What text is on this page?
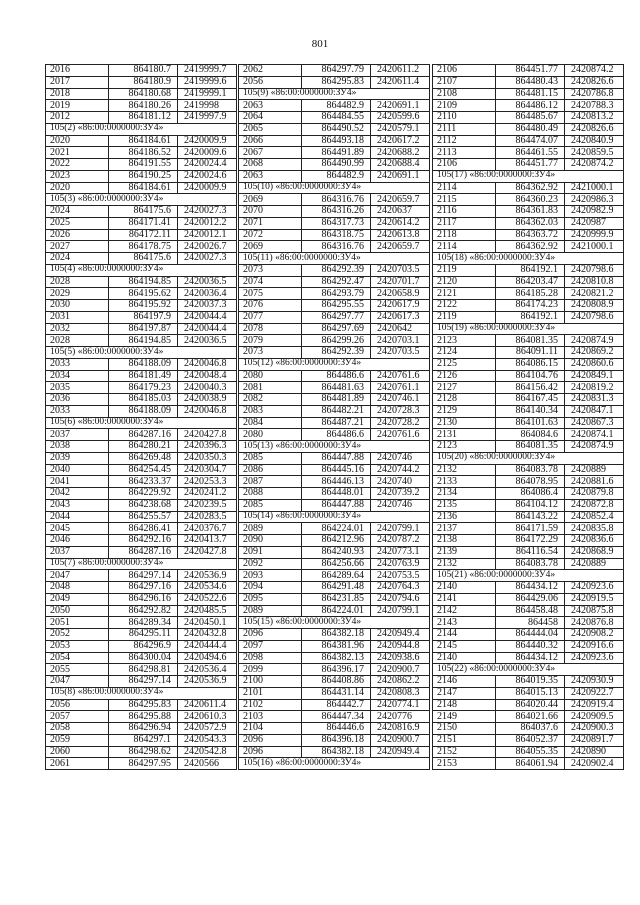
801
2016	864180.7	2419999.7
2017	864180.9	2419999.6
2018	864180.68	2419999.1
2019	864180.26	2419998
2012	864181.12	2419997.9
105(2) «86:00:0000000:ЗУ4»		
2020	864184.61	2420009.9
2021	864186.52	2420009.6
2022	864191.55	2420024.4
2023	864190.25	2420024.6
2020	864184.61	2420009.9
105(3) «86:00:0000000:ЗУ4»		
2024	864175.6	2420027.3
2025	864171.41	2420012.2
2026	864172.11	2420012.1
2027	864178.75	2420026.7
2024	864175.6	2420027.3
105(4) «86:00:0000000:ЗУ4»		
2028	864194.85	2420036.5
2029	864195.62	2420036.4
2030	864195.92	2420037.3
2031	864197.9	2420044.4
2032	864197.87	2420044.4
2028	864194.85	2420036.5
105(5) «86:00:0000000:ЗУ4»		
2033	864188.09	2420046.8
2034	864181.49	2420048.4
2035	864179.23	2420040.3
2036	864185.03	2420038.9
2033	864188.09	2420046.8
105(6) «86:00:0000000:ЗУ4»		
2037	864287.16	2420427.8
2038	864280.21	2420396.3
2039	864269.48	2420350.3
2040	864254.45	2420304.7
2041	864233.37	2420253.3
2042	864229.92	2420241.2
2043	864238.68	2420239.5
2044	864255.57	2420283.5
2045	864286.41	2420376.7
2046	864292.16	2420413.7
2037	864287.16	2420427.8
105(7) «86:00:0000000:ЗУ4»		
2047	864297.14	2420536.9
2048	864297.16	2420534.6
2049	864296.16	2420522.6
2050	864292.82	2420485.5
2051	864289.34	2420450.1
2052	864295.11	2420432.8
2053	864296.9	2420444.4
2054	864300.04	2420494.6
2055	864298.81	2420536.4
2047	864297.14	2420536.9
105(8) «86:00:0000000:ЗУ4»		
2056	864295.83	2420611.4
2057	864295.88	2420610.3
2058	864296.94	2420572.9
2059	864297.1	2420543.3
2060	864298.62	2420542.8
2061	864297.95	2420566
2062	864297.79	2420611.2
2056	864295.83	2420611.4
105(9) «86:00:0000000:ЗУ4»		
2063	864482.9	2420691.1
2064	864484.55	2420599.6
2065	864490.52	2420579.1
2066	864493.18	2420617.2
2067	864491.89	2420688.2
2068	864490.99	2420688.4
2063	864482.9	2420691.1
105(10) «86:00:0000000:ЗУ4»		
2069	864316.76	2420659.7
2070	864316.26	2420637
2071	864317.73	2420614.2
2072	864318.75	2420613.8
2069	864316.76	2420659.7
105(11) «86:00:0000000:ЗУ4»		
2073	864292.39	2420703.5
2074	864292.47	2420701.7
2075	864293.79	2420658.9
2076	864295.55	2420617.9
2077	864297.77	2420617.3
2078	864297.69	2420642
2079	864299.26	2420703.1
2073	864292.39	2420703.5
105(12) «86:00:0000000:ЗУ4»		
2080	864486.6	2420761.6
2081	864481.63	2420761.1
2082	864481.89	2420746.1
2083	864482.21	2420728.3
2084	864487.21	2420728.2
2080	864486.6	2420761.6
105(13) «86:00:0000000:ЗУ4»		
2085	864447.88	2420746
2086	864445.16	2420744.2
2087	864446.13	2420740
2088	864448.01	2420739.2
2085	864447.88	2420746
105(14) «86:00:0000000:ЗУ4»		
2089	864224.01	2420799.1
2090	864212.96	2420787.2
2091	864240.93	2420773.1
2092	864256.66	2420763.9
2093	864289.64	2420753.5
2094	864291.48	2420764.3
2095	864231.85	2420794.6
2089	864224.01	2420799.1
105(15) «86:00:0000000:ЗУ4»		
2096	864382.18	2420949.4
2097	864381.96	2420944.8
2098	864382.13	2420938.6
2099	864396.17	2420900.7
2100	864408.86	2420862.2
2101	864431.14	2420808.3
2102	864442.7	2420774.1
2103	864447.34	2420776
2104	864446.6	2420816.9
2096	864396.18	2420900.7
2096	864382.18	2420949.4
105(16) «86:00:0000000:ЗУ4»		
2106	864451.77	2420874.2
2107	864480.43	2420826.6
2108	864481.15	2420786.8
2109	864486.12	2420788.3
2110	864485.67	2420813.2
2111	864480.49	2420826.6
2112	864474.07	2420840.9
2113	864461.55	2420859.5
2106	864451.77	2420874.2
105(17) «86:00:0000000:ЗУ4»		
2114	864362.92	2421000.1
2115	864360.23	2420986.3
2116	864361.83	2420982.9
2117	864362.03	2420987
2118	864363.72	2420999.9
2114	864362.92	2421000.1
105(18) «86:00:0000000:ЗУ4»		
2119	864192.1	2420798.6
2120	864203.47	2420810.8
2121	864185.28	2420821.2
2122	864174.23	2420808.9
2119	864192.1	2420798.6
105(19) «86:00:0000000:ЗУ4»		
2123	864081.35	2420874.9
2124	864091.11	2420869.2
2125	864086.15	2420860.6
2126	864104.76	2420849.1
2127	864156.42	2420819.2
2128	864167.45	2420831.3
2129	864140.34	2420847.1
2130	864101.63	2420867.3
2131	864084.6	2420874.1
2123	864081.35	2420874.9
105(20) «86:00:0000000:ЗУ4»		
2132	864083.78	2420889
2133	864078.95	2420881.6
2134	864086.4	2420879.8
2135	864104.12	2420872.8
2136	864143.22	2420852.4
2137	864171.59	2420835.8
2138	864172.29	2420836.6
2139	864116.54	2420868.9
2132	864083.78	2420889
105(21) «86:00:0000000:ЗУ4»		
2140	864434.12	2420923.6
2141	864429.06	2420919.5
2142	864458.48	2420875.8
2143	864458	2420876.8
2144	864444.04	2420908.2
2145	864440.32	2420916.6
2140	864434.12	2420923.6
105(22) «86:00:0000000:ЗУ4»		
2146	864019.35	2420930.9
2147	864015.13	2420922.7
2148	864020.44	2420919.4
2149	864021.66	2420909.5
2150	864037.6	2420900.3
2151	864052.37	2420891.7
2152	864055.35	2420890
2153	864061.94	2420902.4
